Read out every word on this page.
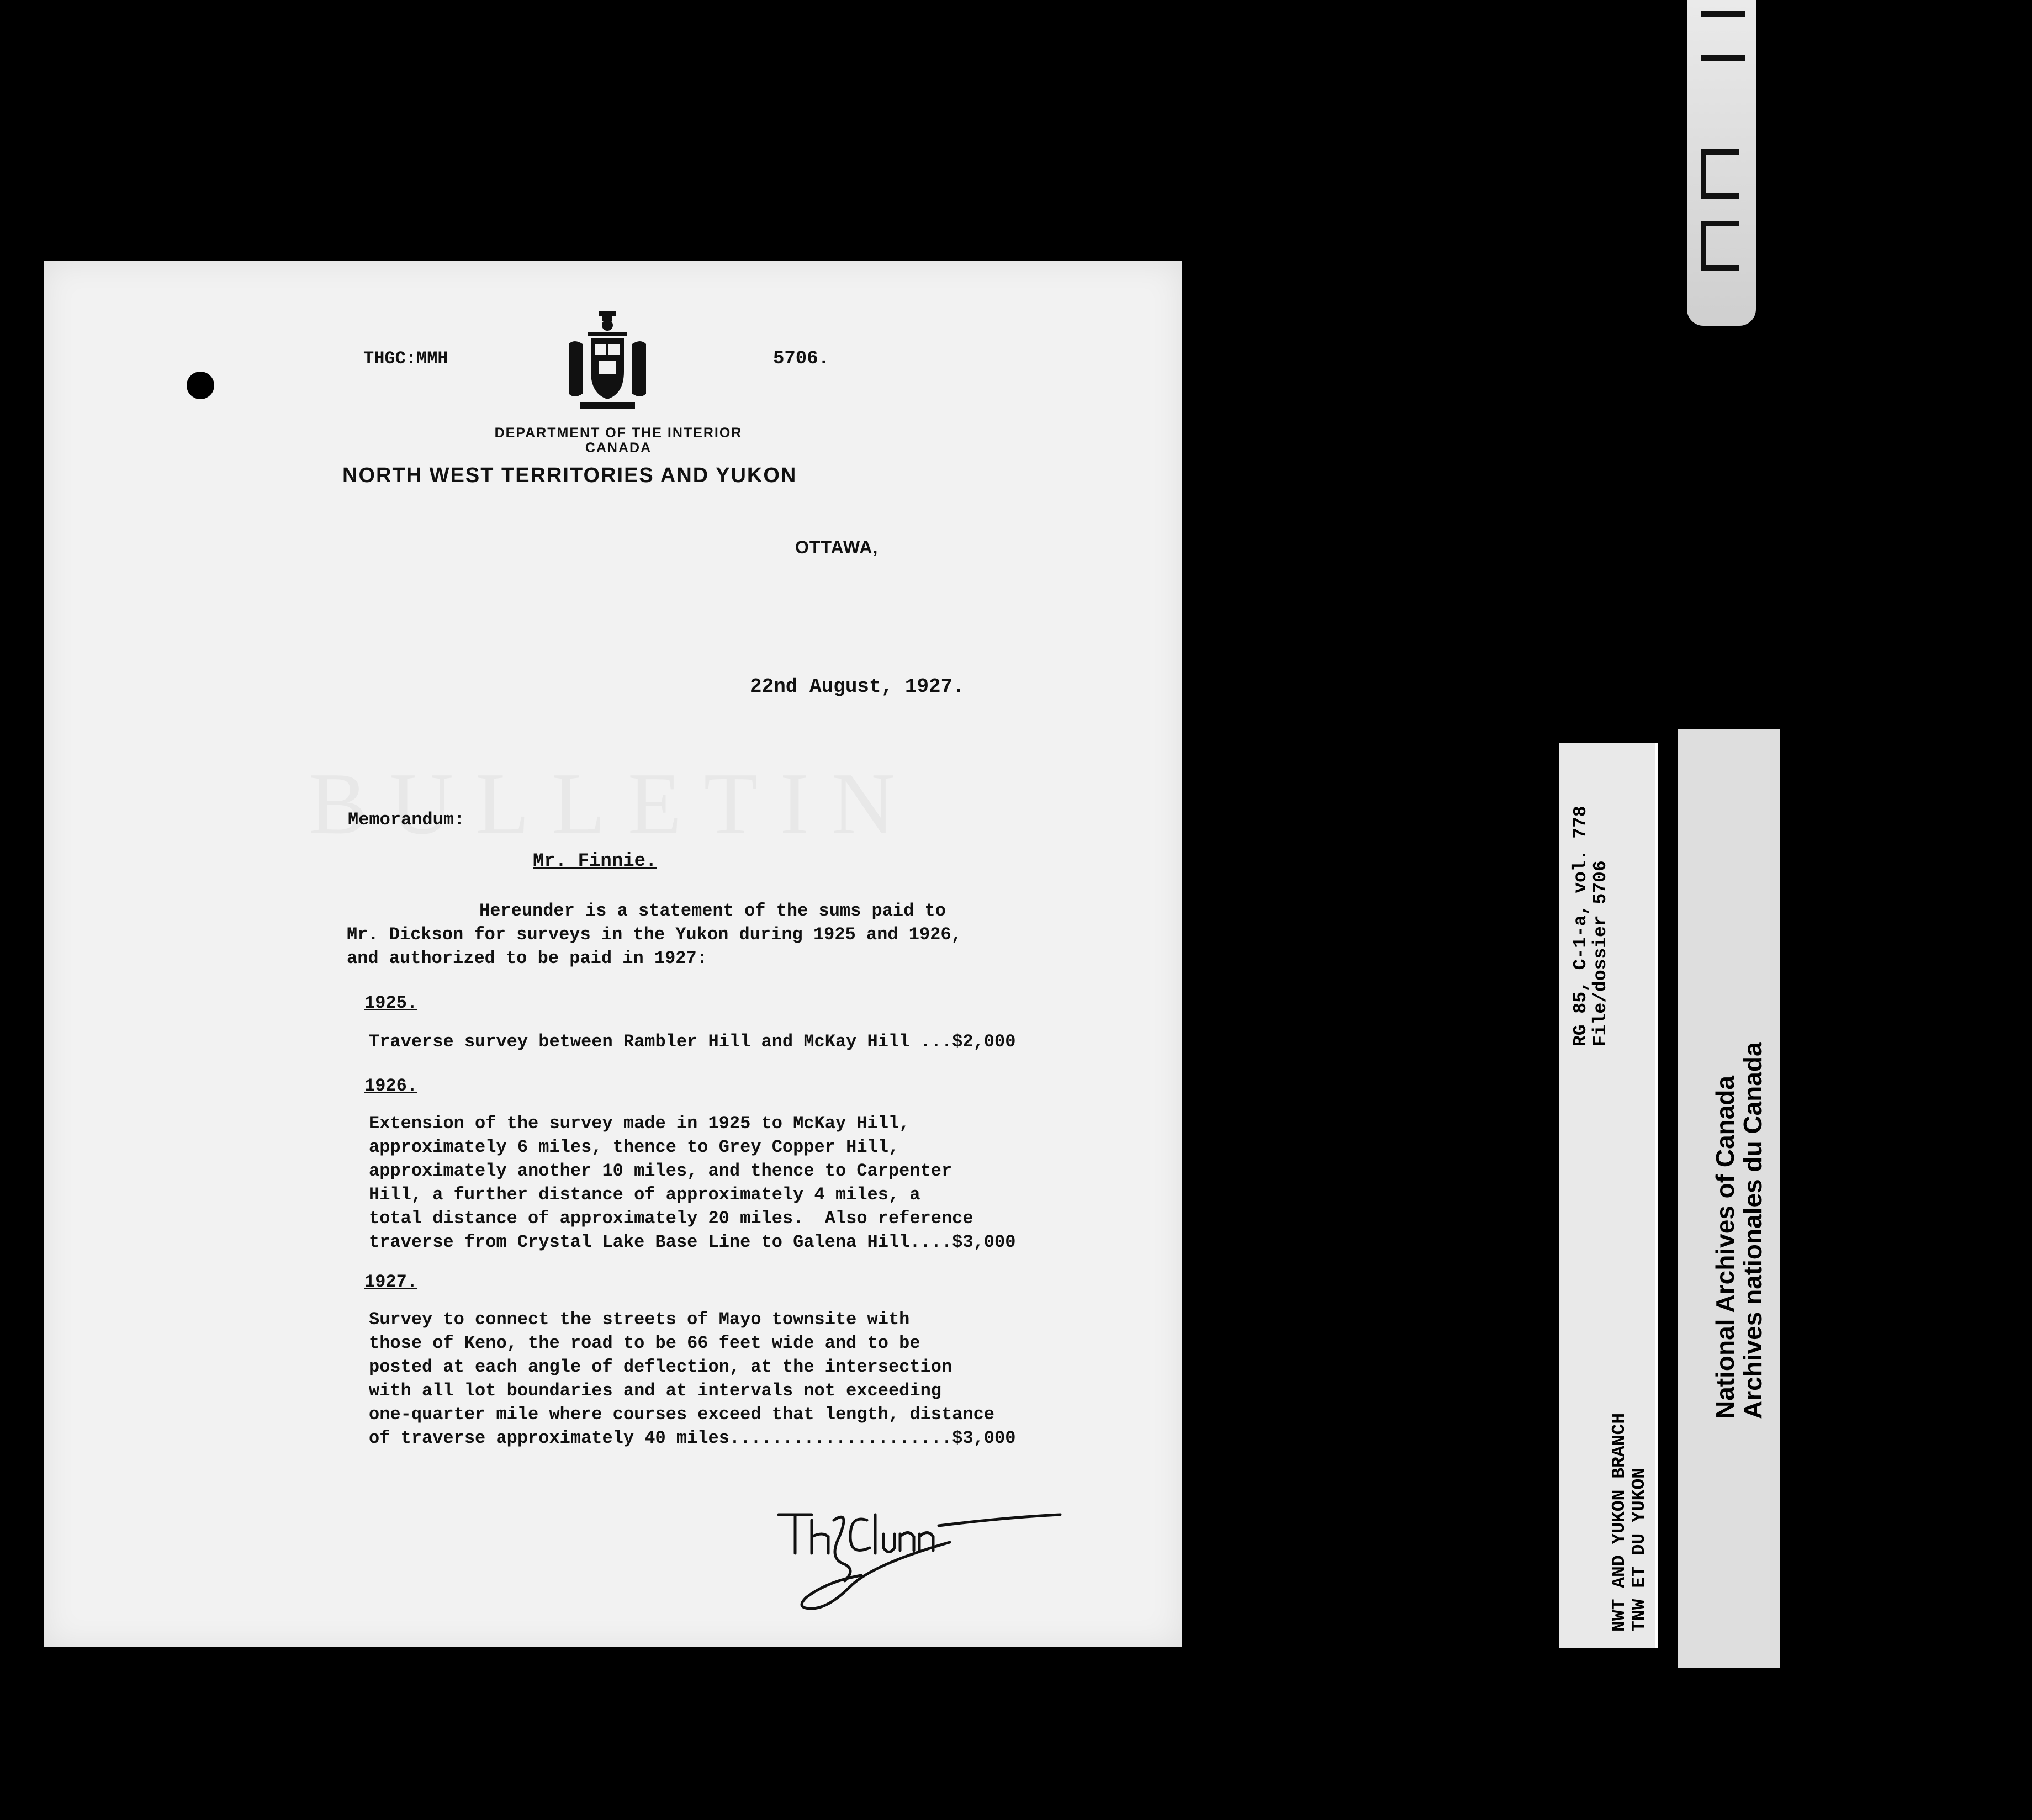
THGC:MMH	5706.
DEPARTMENT OF THE INTERIOR
CANADA
NORTH WEST TERRITORIES AND YUKON
OTTAWA,
22nd August, 1927.
Memorandum:
Mr. Finnie.
Hereunder is a statement of the sums paid to
Mr. Dickson for surveys in the Yukon during 1925 and 1926,
and authorized to be paid in 1927:
1925.
Traverse survey between Rambler Hill and McKay Hill ...$2,000
1926.
Extension of the survey made in 1925 to McKay Hill,
approximately 6 miles, thence to Grey Copper Hill,
approximately another 10 miles, and thence to Carpenter
Hill, a further distance of approximately 4 miles, a
total distance of approximately 20 miles.  Also reference
traverse from Crystal Lake Base Line to Galena Hill....$3,000
1927.
Survey to connect the streets of Mayo townsite with
those of Keno, the road to be 66 feet wide and to be
posted at each angle of deflection, at the intersection
with all lot boundaries and at intervals not exceeding
one-quarter mile where courses exceed that length, distance
of traverse approximately 40 miles.....................$3,000
RG 85, C-1-a, vol. 778 File/dossier 5706
NWT AND YUKON BRANCH TNW ET DU YUKON
National Archives of Canada
Archives nationales du Canada
